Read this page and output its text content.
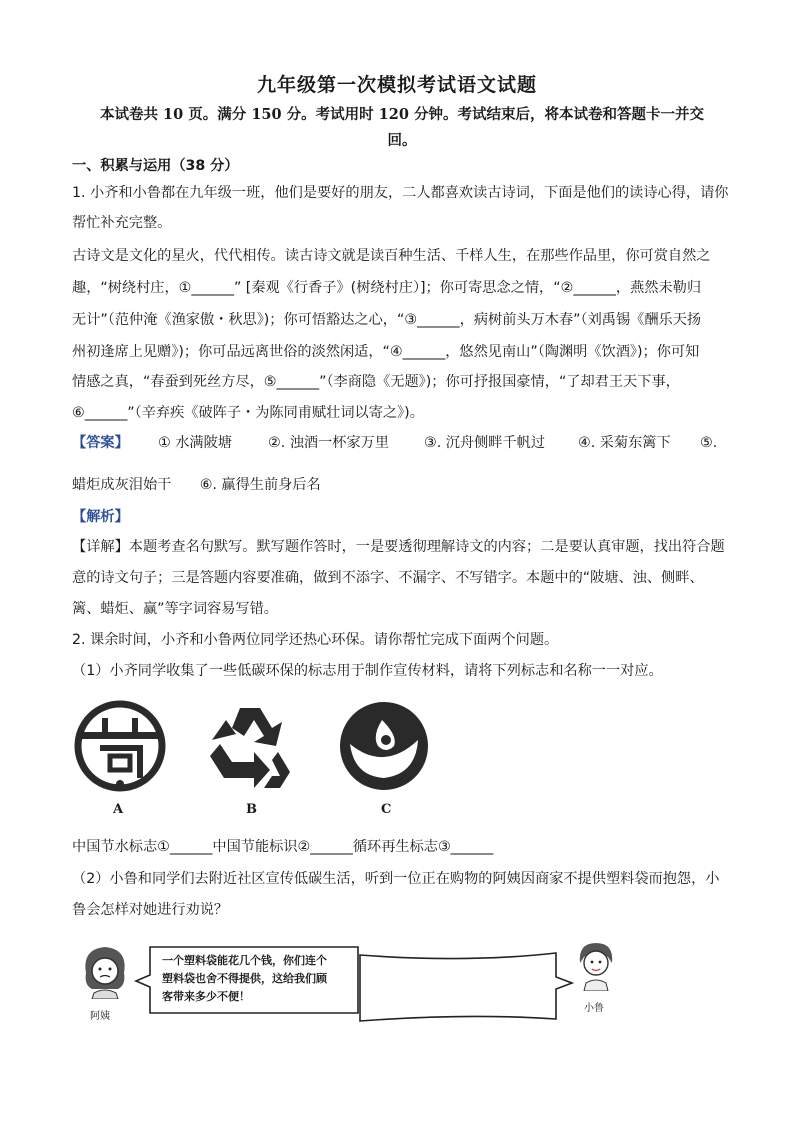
九年级第一次模拟考试语文试题
本试卷共 10 页。满分 150 分。考试用时 120 分钟。考试结束后，将本试卷和答题卡一并交
回。
一、积累与运用（38 分）
1. 小齐和小鲁都在九年级一班，他们是要好的朋友，二人都喜欢读古诗词，下面是他们的读诗心得，请你
帮忙补充完整。
古诗文是文化的星火，代代相传。读古诗文就是读百种生活、千样人生，在那些作品里，你可赏自然之
趣，“树绕村庄，①______” [秦观《行香子》(树绕村庄）]；你可寄思念之情，“②______，燕然未勒归
无计”（范仲淹《渔家傲・秋思》)；你可悟豁达之心，“③______，病树前头万木春”（刘禹锡《酬乐天扬
州初逢席上见赠》)；你可品远离世俗的淡然闲适，“④______，悠然见南山”（陶渊明《饮酒》)；你可知
情感之真，“春蚕到死丝方尽，⑤______”（李商隐《无题》)；你可抒报国豪情，“了却君王天下事，
⑥______”（辛弃疾《破阵子・为陈同甫赋壮词以寄之》)。
【答案】 ① 水满陂塘	②. 浊酒一杯家万里 ③. 沉舟侧畔千帆过 ④. 采菊东篱下 ⑤.
蜡炬成灰泪始干　　⑥. 赢得生前身后名
【解析】
【详解】本题考查名句默写。默写题作答时，一是要透彻理解诗文的内容；二是要认真审题，找出符合题
意的诗文句子；三是答题内容要准确，做到不添字、不漏字、不写错字。本题中的“陂塘、浊、侧畔、
篱、蜡炬、赢”等字词容易写错。
2. 课余时间，小齐和小鲁两位同学还热心环保。请你帮忙完成下面两个问题。
（1）小齐同学收集了一些低碳环保的标志用于制作宣传材料，请将下列标志和名称一一对应。
A	B	C
中国节水标志①______中国节能标识②______循环再生标志③______
（2）小鲁和同学们去附近社区宣传低碳生活，听到一位正在购物的阿姨因商家不提供塑料袋而抱怨，小
鲁会怎样对她进行劝说？
阿姨
一个塑料袋能花几个钱，你们连个
塑料袋也舍不得提供，这给我们顾
客带来多少不便！
小鲁
